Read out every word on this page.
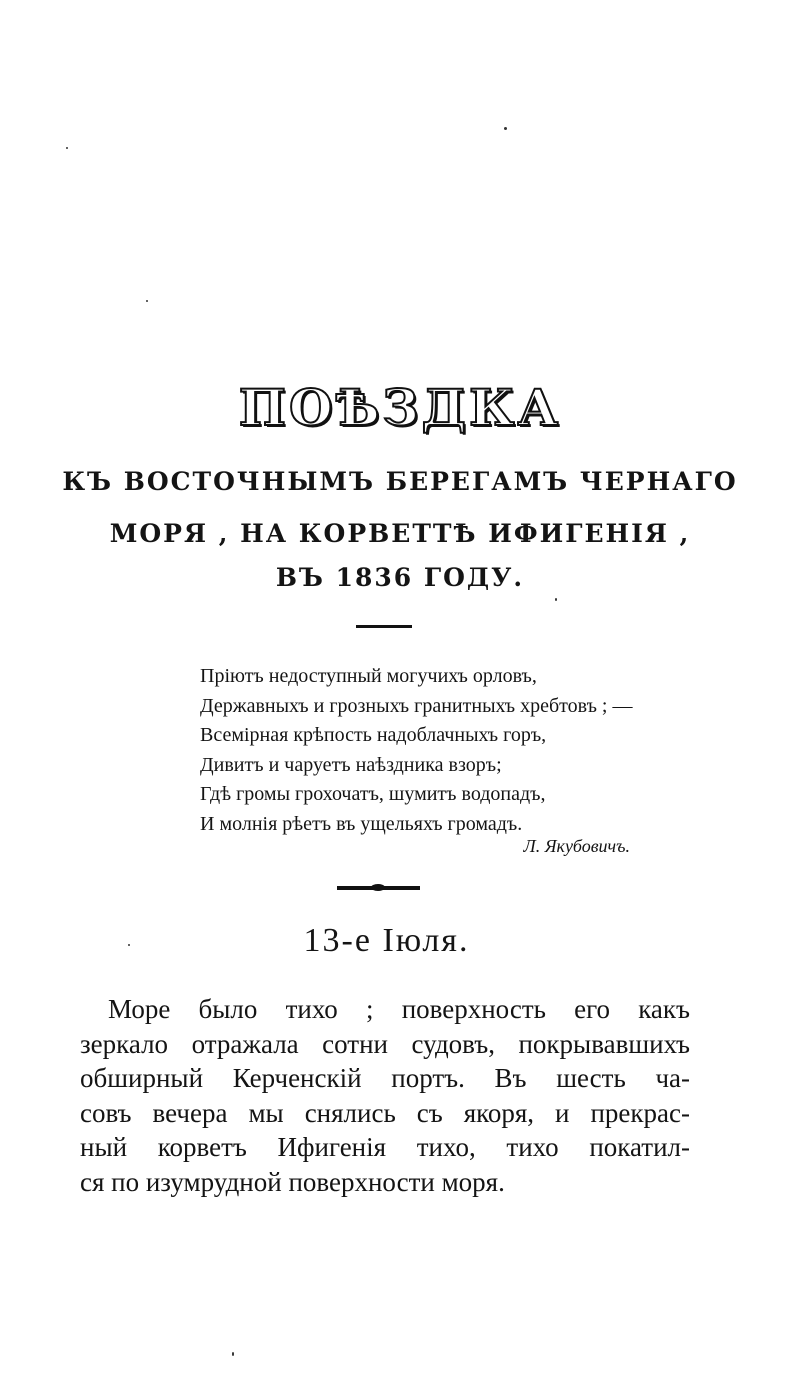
ПОѢЗДКА
КЪ ВОСТОЧНЫМЪ БЕРЕГАМЪ ЧЕРНАГО
МОРЯ , НА КОРВЕТТѢ ИФИГЕНІЯ ,
ВЪ 1836 ГОДУ.
Пріютъ недоступный могучихъ орловъ,
Державныхъ и грозныхъ гранитныхъ хребтовъ ; —
Всемірная крѣпость надоблачныхъ горъ,
Дивитъ и чаруетъ наѣздника взоръ;
Гдѣ громы грохочатъ, шумитъ водопадъ,
И молнія рѣетъ въ ущельяхъ громадъ.
Л. Якубовичъ.
13-е Іюля.
Море было тихо ; поверхность его какъ
зеркало отражала сотни судовъ, покрывавшихъ
обширный Керченскій портъ. Въ шесть ча-
совъ вечера мы снялись съ якоря, и прекрас-
ный корветъ Ифигенія тихо, тихо покатил-
ся по изумрудной поверхности моря.
